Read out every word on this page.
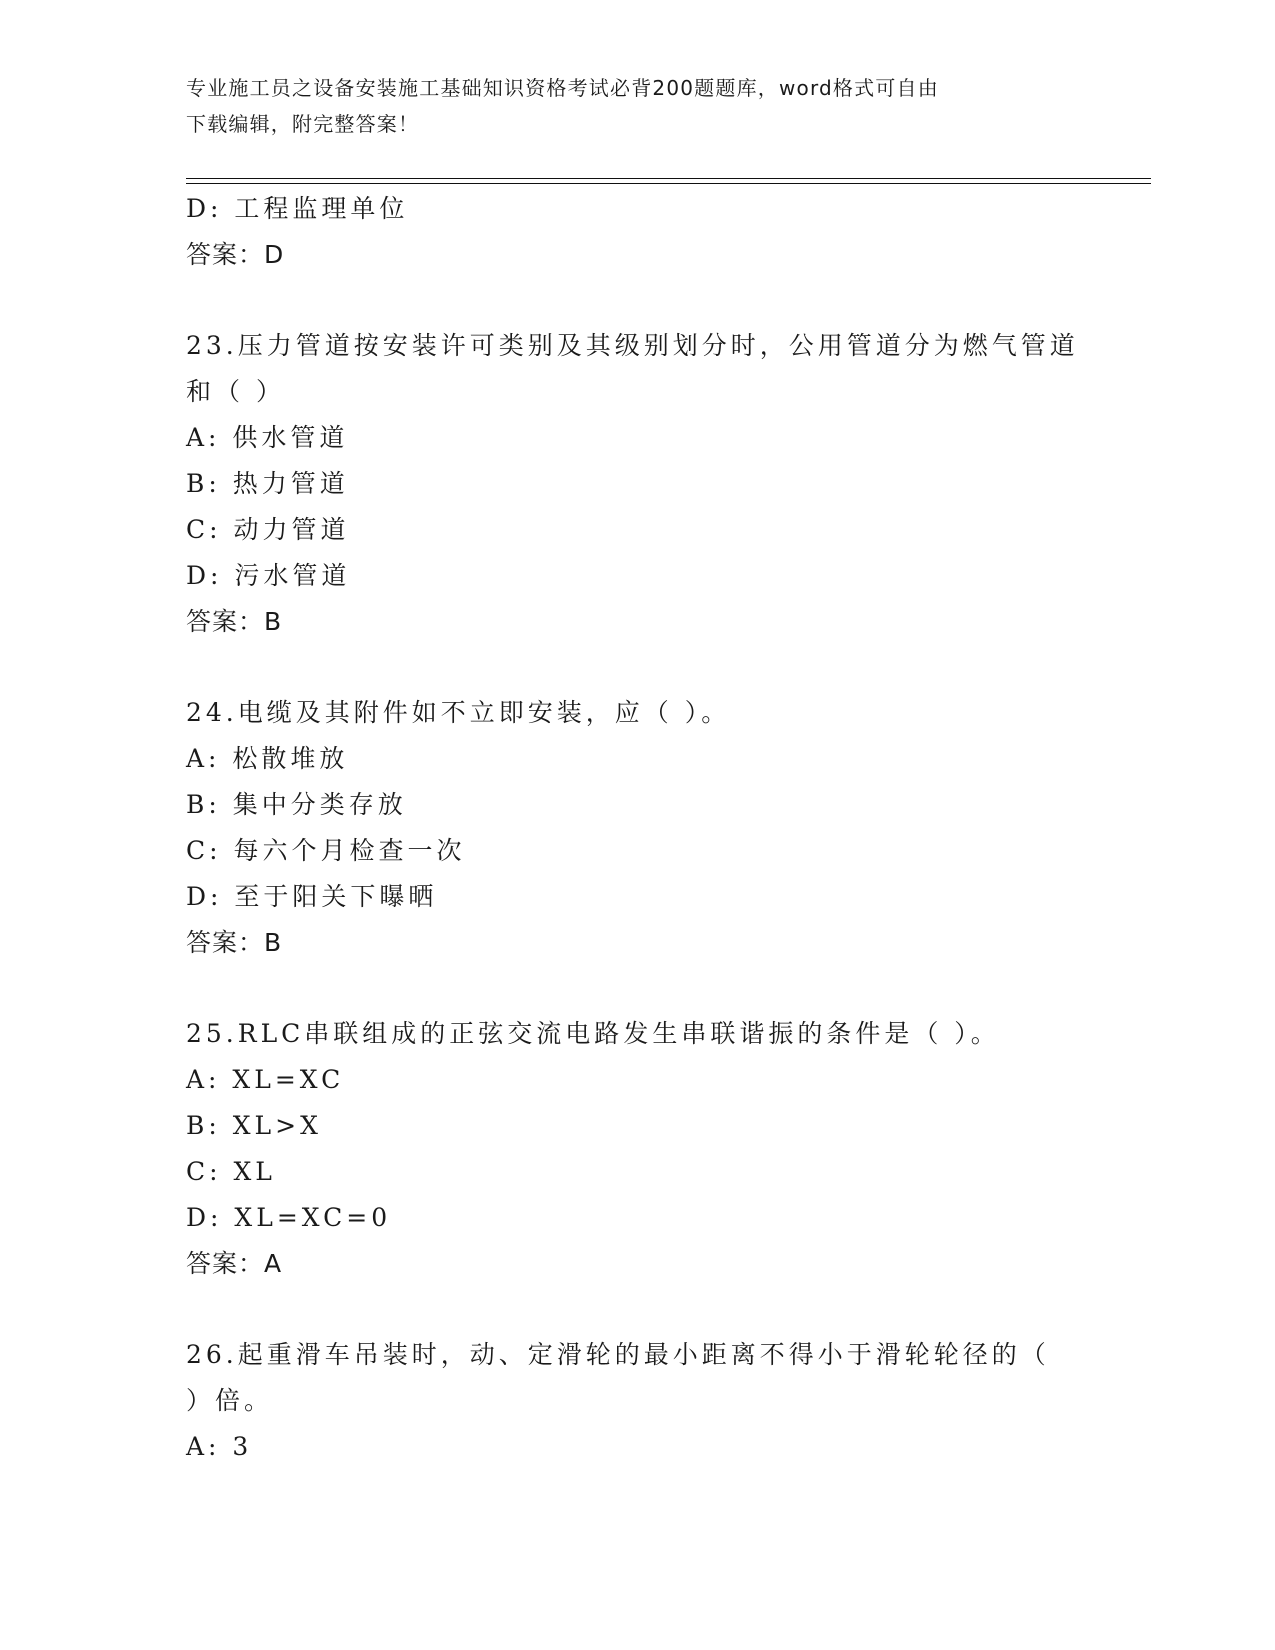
专业施工员之设备安装施工基础知识资格考试必背200题题库，word格式可自由
下载编辑，附完整答案！
D: 工程监理单位
答案：D
23.压力管道按安装许可类别及其级别划分时，公用管道分为燃气管道
和（ ）
A: 供水管道
B: 热力管道
C: 动力管道
D: 污水管道
答案：B
24.电缆及其附件如不立即安装，应（ ）。
A: 松散堆放
B: 集中分类存放
C: 每六个月检查一次
D: 至于阳关下曝晒
答案：B
25.RLC串联组成的正弦交流电路发生串联谐振的条件是（ ）。
A: XL=XC
B: XL>X
C: XL
D: XL=XC=0
答案：A
26.起重滑车吊装时，动、定滑轮的最小距离不得小于滑轮轮径的（
）倍。
A: 3
